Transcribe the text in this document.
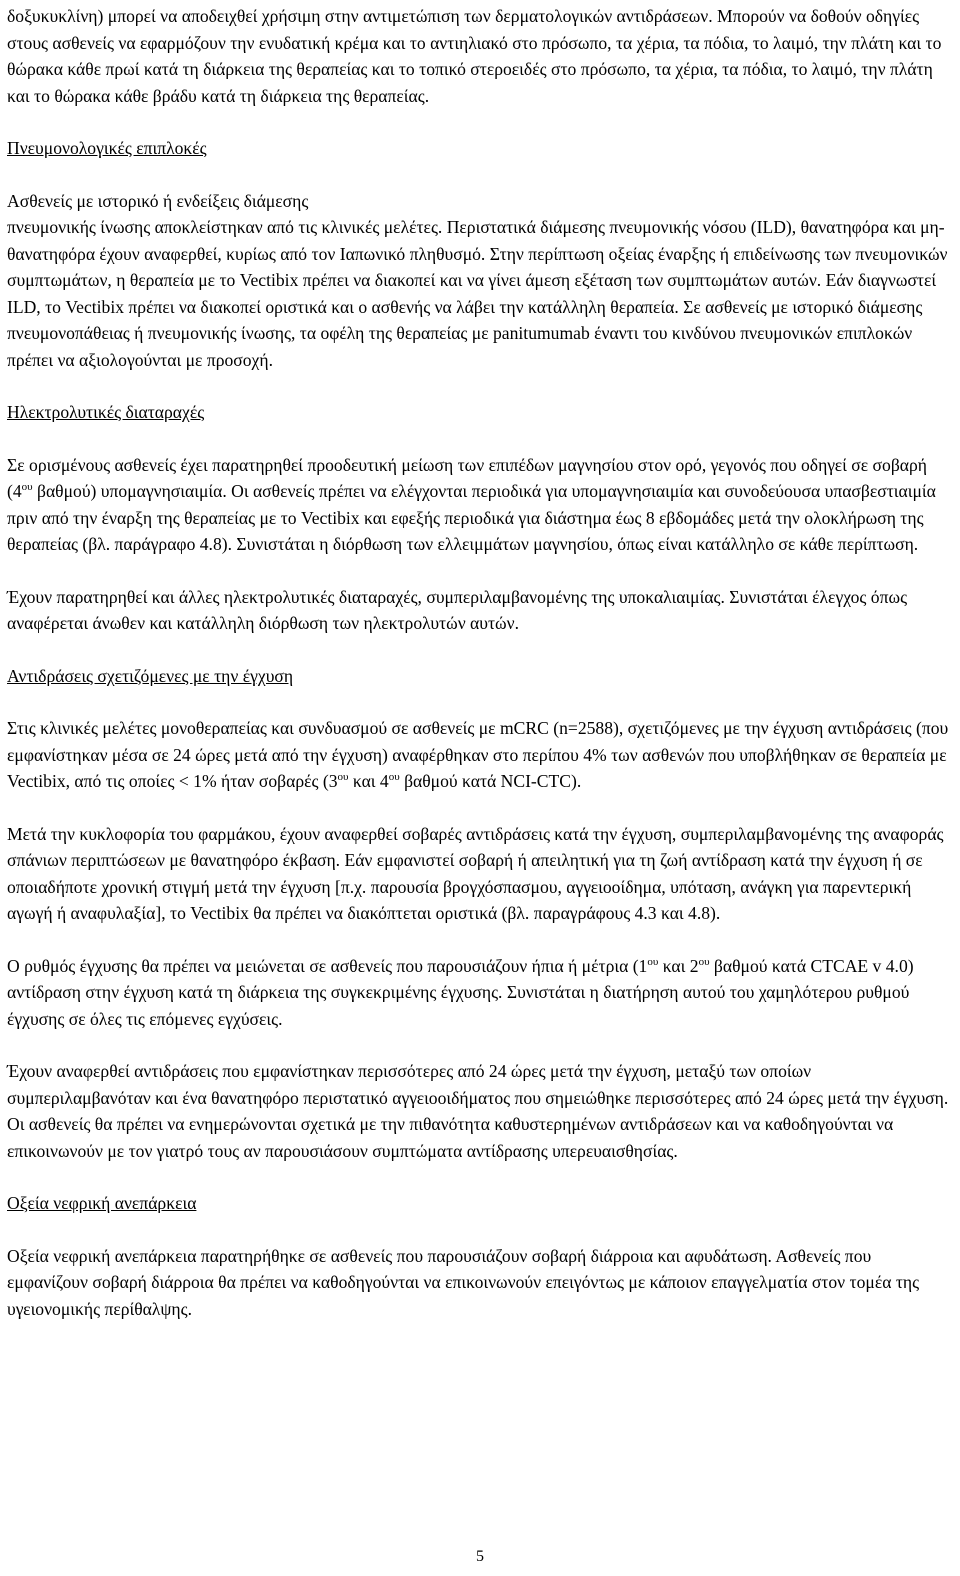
δοξυκυκλίνη) μπορεί να αποδειχθεί χρήσιμη στην αντιμετώπιση των δερματολογικών αντιδράσεων. Μπορούν να δοθούν οδηγίες στους ασθενείς να εφαρμόζουν την ενυδατική κρέμα και το αντιηλιακό στο πρόσωπο, τα χέρια, τα πόδια, το λαιμό, την πλάτη και το θώρακα κάθε πρωί κατά τη διάρκεια της θεραπείας και το τοπικό στεροειδές στο πρόσωπο, τα χέρια, τα πόδια, το λαιμό, την πλάτη και το θώρακα κάθε βράδυ κατά τη διάρκεια της θεραπείας.

Πνευμονολογικές επιπλοκές

Ασθενείς με ιστορικό ή ενδείξεις διάμεσης

πνευμονικής ίνωσης αποκλείστηκαν από τις κλινικές μελέτες. Περιστατικά διάμεσης πνευμονικής νόσου (ILD), θανατηφόρα και μη-θανατηφόρα έχουν αναφερθεί, κυρίως από τον Ιαπωνικό πληθυσμό. Στην περίπτωση οξείας έναρξης ή επιδείνωσης των πνευμονικών συμπτωμάτων, η θεραπεία με το Vectibix πρέπει να διακοπεί και να γίνει άμεση εξέταση των συμπτωμάτων αυτών. Εάν διαγνωστεί ILD, το Vectibix πρέπει να διακοπεί οριστικά και ο ασθενής να λάβει την κατάλληλη θεραπεία. Σε ασθενείς με ιστορικό διάμεσης πνευμονοπάθειας ή πνευμονικής ίνωσης, τα οφέλη της θεραπείας με panitumumab έναντι του κινδύνου πνευμονικών επιπλοκών πρέπει να αξιολογούνται με προσοχή.

Ηλεκτρολυτικές διαταραχές

Σε ορισμένους ασθενείς έχει παρατηρηθεί προοδευτική μείωση των επιπέδων μαγνησίου στον ορό, γεγονός που οδηγεί σε σοβαρή ($4^{o\upsilon}$ βαθμού) υπομαγνησιαιμία. Οι ασθενείς πρέπει να ελέγχονται περιοδικά για υπομαγνησιαιμία και συνοδεύουσα υπασβεστιαιμία πριν από την έναρξη της θεραπείας με το Vectibix και εφεξής περιοδικά για διάστημα έως 8 εβδομάδες μετά την ολοκλήρωση της θεραπείας (βλ. παράγραφο 4.8). Συνιστάται η διόρθωση των ελλειμμάτων μαγνησίου, όπως είναι κατάλληλο σε κάθε περίπτωση.

Έχουν παρατηρηθεί και άλλες ηλεκτρολυτικές διαταραχές, συμπεριλαμβανομένης της υποκαλιαιμίας. Συνιστάται έλεγχος όπως αναφέρεται άνωθεν και κατάλληλη διόρθωση των ηλεκτρολυτών αυτών.

Αντιδράσεις σχετιζόμενες με την έγχυση

Στις κλινικές μελέτες μονοθεραπείας και συνδυασμού σε ασθενείς με mCRC (n=2588), σχετιζόμενες με την έγχυση αντιδράσεις (που εμφανίστηκαν μέσα σε 24 ώρες μετά από την έγχυση) αναφέρθηκαν στο περίπου 4% των ασθενών που υποβλήθηκαν σε θεραπεία με Vectibix, από τις οποίες < 1% ήταν σοβαρές ($3^{o\upsilon}$ και $4^{o\upsilon}$ βαθμού κατά NCI-CTC).

Μετά την κυκλοφορία του φαρμάκου, έχουν αναφερθεί σοβαρές αντιδράσεις κατά την έγχυση, συμπεριλαμβανομένης της αναφοράς σπάνιων περιπτώσεων με θανατηφόρο έκβαση. Εάν εμφανιστεί σοβαρή ή απειλητική για τη ζωή αντίδραση κατά την έγχυση ή σε οποιαδήποτε χρονική στιγμή μετά την έγχυση [π.χ. παρουσία βρογχόσπασμου, αγγειοοίδημα, υπόταση, ανάγκη για παρεντερική αγωγή ή αναφυλαξία], το Vectibix θα πρέπει να διακόπτεται οριστικά (βλ. παραγράφους 4.3 και 4.8).

Ο ρυθμός έγχυσης θα πρέπει να μειώνεται σε ασθενείς που παρουσιάζουν ήπια ή μέτρια ($1^{o\upsilon}$ και $2^{o\upsilon}$ βαθμού κατά CTCAE v 4.0) αντίδραση στην έγχυση κατά τη διάρκεια της συγκεκριμένης έγχυσης. Συνιστάται η διατήρηση αυτού του χαμηλότερου ρυθμού έγχυσης σε όλες τις επόμενες εγχύσεις.

Έχουν αναφερθεί αντιδράσεις που εμφανίστηκαν περισσότερες από 24 ώρες μετά την έγχυση, μεταξύ των οποίων συμπεριλαμβανόταν και ένα θανατηφόρο περιστατικό αγγειοοιδήματος που σημειώθηκε περισσότερες από 24 ώρες μετά την έγχυση. Οι ασθενείς θα πρέπει να ενημερώνονται σχετικά με την πιθανότητα καθυστερημένων αντιδράσεων και να καθοδηγούνται να επικοινωνούν με τον γιατρό τους αν παρουσιάσουν συμπτώματα αντίδρασης υπερευαισθησίας.

Οξεία νεφρική ανεπάρκεια

Οξεία νεφρική ανεπάρκεια παρατηρήθηκε σε ασθενείς που παρουσιάζουν σοβαρή διάρροια και αφυδάτωση. Ασθενείς που εμφανίζουν σοβαρή διάρροια θα πρέπει να καθοδηγούνται να επικοινωνούν επειγόντως με κάποιον επαγγελματία στον τομέα της υγειονομικής περίθαλψης.

5
